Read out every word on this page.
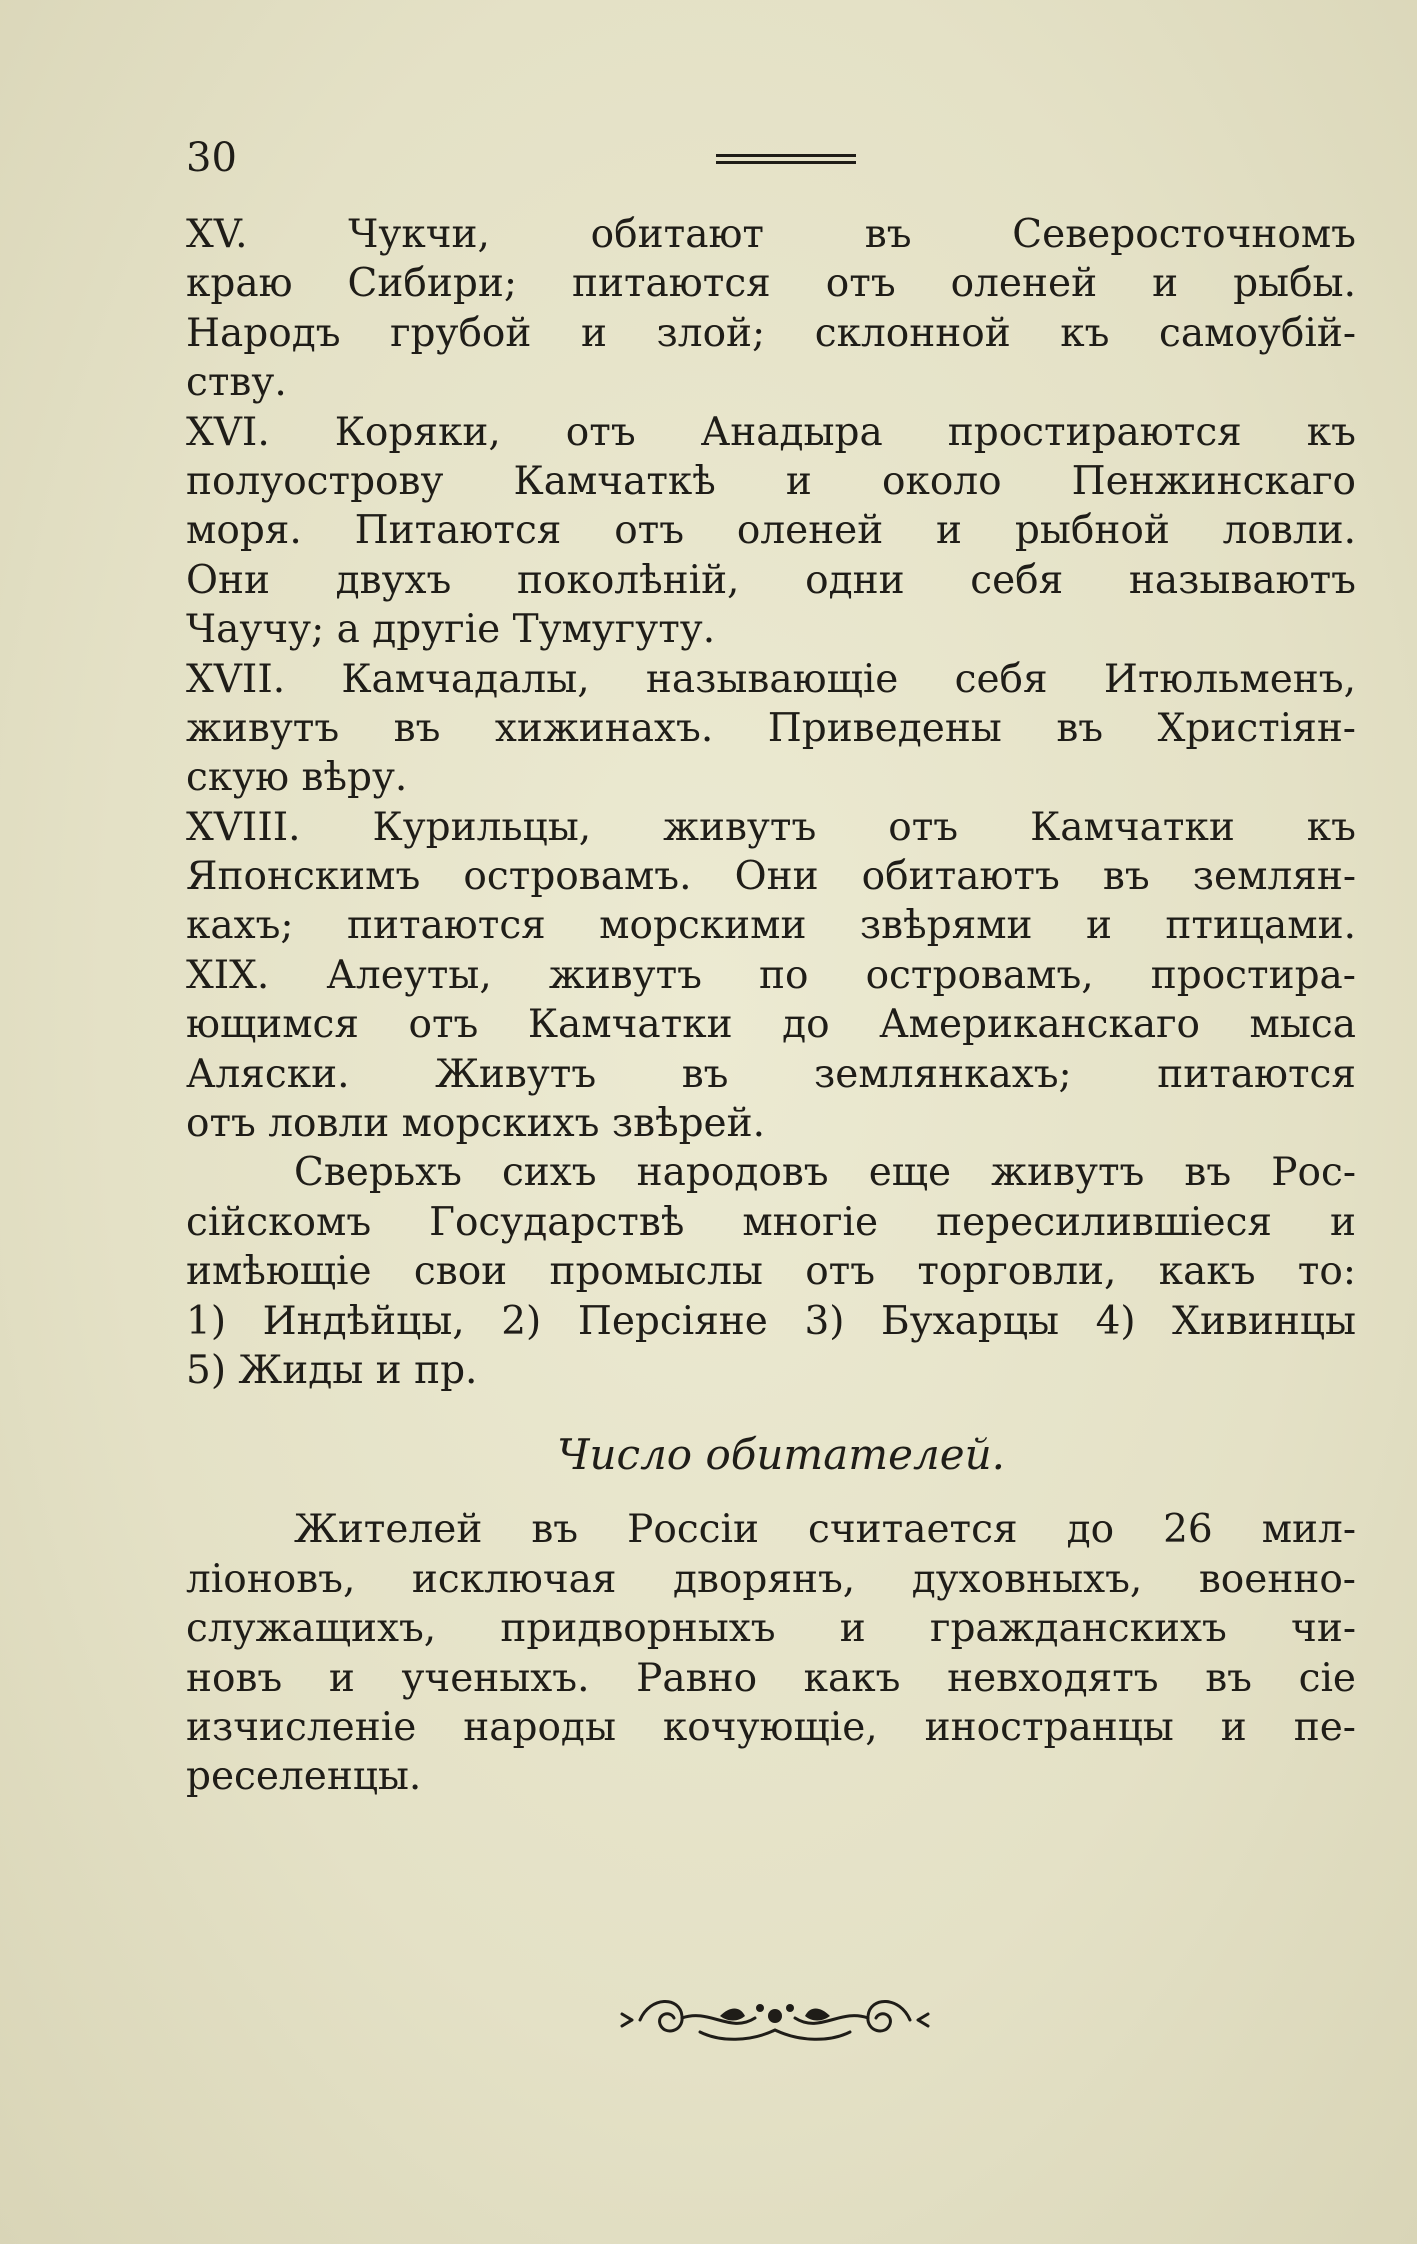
30
XV. Чукчи, обитают въ Северосточномъ
краю Сибири; питаются отъ оленей и рыбы.
Народъ грубой и злой; склонной къ самоубій-
ству.
XVI. Коряки, отъ Анадыра простираются къ
полуострову Камчаткѣ и около Пенжинскаго
моря. Питаются отъ оленей и рыбной ловли.
Они двухъ поколѣній, одни себя называютъ
Чаучу; а другіе Тумугуту.
XVII. Камчадалы, называющіе себя Итюльменъ,
живутъ въ хижинахъ. Приведены въ Христіян-
скую вѣру.
XVIII. Курильцы, живутъ отъ Камчатки къ
Японскимъ островамъ. Они обитаютъ въ землян-
кахъ; питаются морскими звѣрями и птицами.
XIX. Алеуты, живутъ по островамъ, простира-
ющимся отъ Камчатки до Американскаго мыса
Аляски. Живутъ въ землянкахъ; питаются
отъ ловли морскихъ звѣрей.
Сверьхъ сихъ народовъ еще живутъ въ Рос-
сійскомъ Государствѣ многіе пересилившіеся и
имѣющіе свои промыслы отъ торговли, какъ то:
1) Индѣйцы, 2) Персіяне 3) Бухарцы 4) Хивинцы
5) Жиды и пр.
Число обитателей.
Жителей въ Россіи считается до 26 мил-
ліоновъ, исключая дворянъ, духовныхъ, военно-
служащихъ, придворныхъ и гражданскихъ чи-
новъ и ученыхъ. Равно какъ невходятъ въ сіе
изчисленіе народы кочующіе, иностранцы и пе-
реселенцы.
